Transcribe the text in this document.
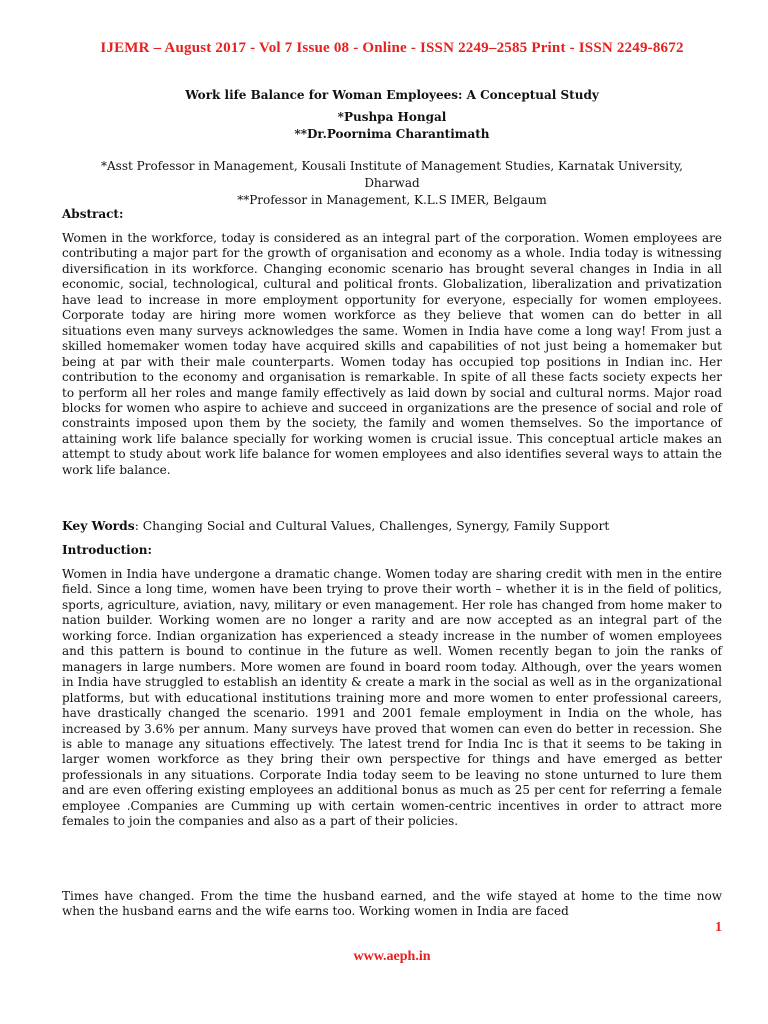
IJEMR – August 2017 - Vol 7 Issue 08 - Online - ISSN 2249–2585 Print - ISSN 2249-8672
Work life Balance for Woman Employees: A Conceptual Study
*Pushpa Hongal
**Dr.Poornima Charantimath
*Asst Professor in Management, Kousali Institute of Management Studies, Karnatak University, Dharwad
**Professor in Management, K.L.S IMER, Belgaum
Abstract:

Women in the workforce, today is considered as an integral part of the corporation. Women employees are contributing a major part for the growth of organisation and economy as a whole. India today is witnessing diversification in its workforce. Changing economic scenario has brought several changes in India in all economic, social, technological, cultural and political fronts. Globalization, liberalization and privatization have lead to increase in more employment opportunity for everyone, especially for women employees. Corporate today are hiring more women workforce as they believe that women can do better in all situations even many surveys acknowledges the same. Women in India have come a long way! From just a skilled homemaker women today have acquired skills and capabilities of not just being a homemaker but being at par with their male counterparts. Women today has occupied top positions in Indian inc. Her contribution to the economy and organisation is remarkable. In spite of all these facts society expects her to perform all her roles and mange family effectively as laid down by social and cultural norms. Major road blocks for women who aspire to achieve and succeed in organizations are the presence of social and role of constraints imposed upon them by the society, the family and women themselves. So the importance of attaining work life balance specially for working women is crucial issue. This conceptual article makes an attempt to study about work life balance for women employees and also identifies several ways to attain the work life balance.

Key Words: Changing Social and Cultural Values, Challenges, Synergy, Family Support
Introduction:

Women in India have undergone a dramatic change. Women today are sharing credit with men in the entire field. Since a long time, women have been trying to prove their worth – whether it is in the field of politics, sports, agriculture, aviation, navy, military or even management. Her role has changed from home maker to nation builder. Working women are no longer a rarity and are now accepted as an integral part of the working force. Indian organization has experienced a steady increase in the number of women employees and this pattern is bound to continue in the future as well. Women recently began to join the ranks of managers in large numbers. More women are found in board room today. Although, over the years women in India have struggled to establish an identity & create a mark in the social as well as in the organizational platforms, but with educational institutions training more and more women to enter professional careers, have drastically changed the scenario. 1991 and 2001 female employment in India on the whole, has increased by 3.6% per annum. Many surveys have proved that women can even do better in recession. She is able to manage any situations effectively. The latest trend for India Inc is that it seems to be taking in larger women workforce as they bring their own perspective for things and have emerged as better professionals in any situations. Corporate India today seem to be leaving no stone unturned to lure them and are even offering existing employees an additional bonus as much as 25 per cent for referring a female employee .Companies are Cumming up with certain women-centric incentives in order to attract more females to join the companies and also as a part of their policies.

Times have changed. From the time the husband earned, and the wife stayed at home to the time now when the husband earns and the wife earns too. Working women in India are faced

1
www.aeph.in
